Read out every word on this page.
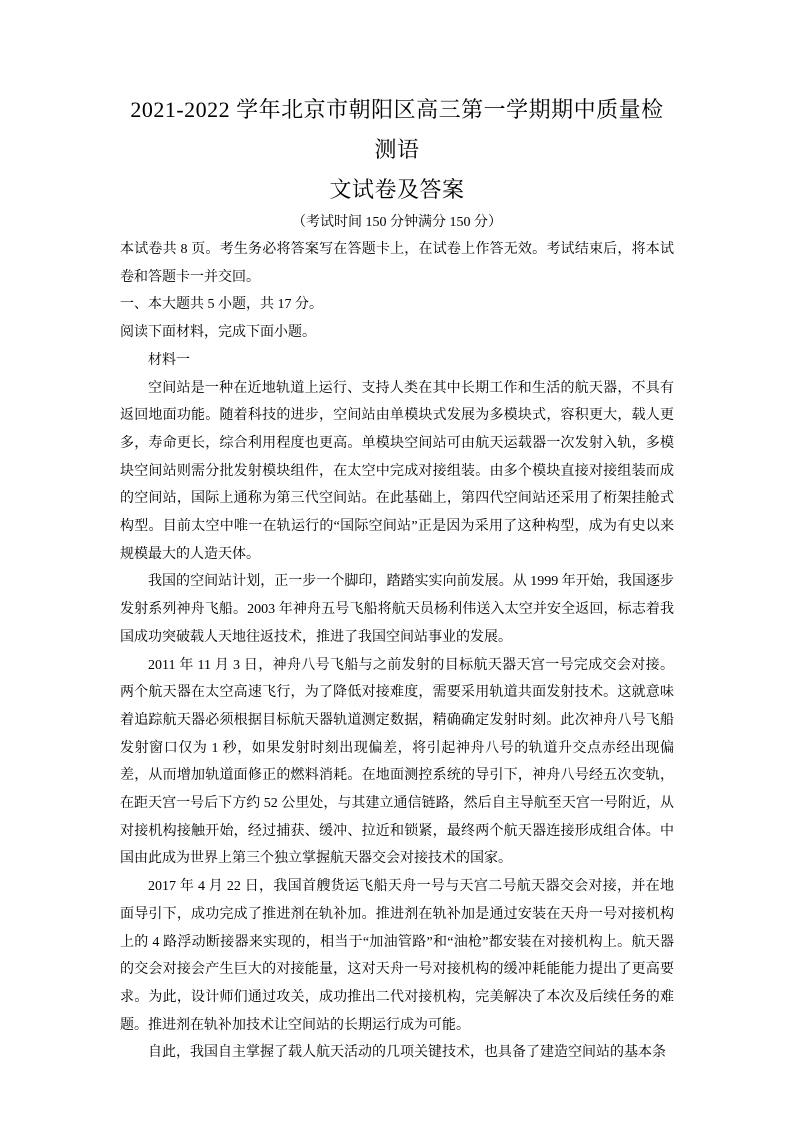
2021-2022 学年北京市朝阳区高三第一学期期中质量检测语
文试卷及答案
（考试时间 150 分钟满分 150 分）

本试卷共 8 页。考生务必将答案写在答题卡上，在试卷上作答无效。考试结束后，将本试卷和答题卡一并交回。

一、本大题共 5 小题，共 17 分。

阅读下面材料，完成下面小题。

材料一

空间站是一种在近地轨道上运行、支持人类在其中长期工作和生活的航天器，不具有返回地面功能。随着科技的进步，空间站由单模块式发展为多模块式，容积更大，载人更多，寿命更长，综合利用程度也更高。单模块空间站可由航天运载器一次发射入轨，多模块空间站则需分批发射模块组件，在太空中完成对接组装。由多个模块直接对接组装而成的空间站，国际上通称为第三代空间站。在此基础上，第四代空间站还采用了桁架挂舱式构型。目前太空中唯一在轨运行的“国际空间站”正是因为采用了这种构型，成为有史以来规模最大的人造天体。

我国的空间站计划，正一步一个脚印，踏踏实实向前发展。从 1999 年开始，我国逐步发射系列神舟飞船。2003 年神舟五号飞船将航天员杨利伟送入太空并安全返回，标志着我国成功突破载人天地往返技术，推进了我国空间站事业的发展。

2011 年 11 月 3 日，神舟八号飞船与之前发射的目标航天器天宫一号完成交会对接。两个航天器在太空高速飞行，为了降低对接难度，需要采用轨道共面发射技术。这就意味着追踪航天器必须根据目标航天器轨道测定数据，精确确定发射时刻。此次神舟八号飞船发射窗口仅为 1 秒，如果发射时刻出现偏差，将引起神舟八号的轨道升交点赤经出现偏差，从而增加轨道面修正的燃料消耗。在地面测控系统的导引下，神舟八号经五次变轨，在距天宫一号后下方约 52 公里处，与其建立通信链路，然后自主导航至天宫一号附近，从对接机构接触开始，经过捕获、缓冲、拉近和锁紧，最终两个航天器连接形成组合体。中国由此成为世界上第三个独立掌握航天器交会对接技术的国家。

2017 年 4 月 22 日，我国首艘货运飞船天舟一号与天宫二号航天器交会对接，并在地面导引下，成功完成了推进剂在轨补加。推进剂在轨补加是通过安装在天舟一号对接机构上的 4 路浮动断接器来实现的，相当于“加油管路”和“油枪”都安装在对接机构上。航天器的交会对接会产生巨大的对接能量，这对天舟一号对接机构的缓冲耗能能力提出了更高要求。为此，设计师们通过攻关，成功推出二代对接机构，完美解决了本次及后续任务的难题。推进剂在轨补加技术让空间站的长期运行成为可能。

自此，我国自主掌握了载人航天活动的几项关键技术，也具备了建造空间站的基本条
